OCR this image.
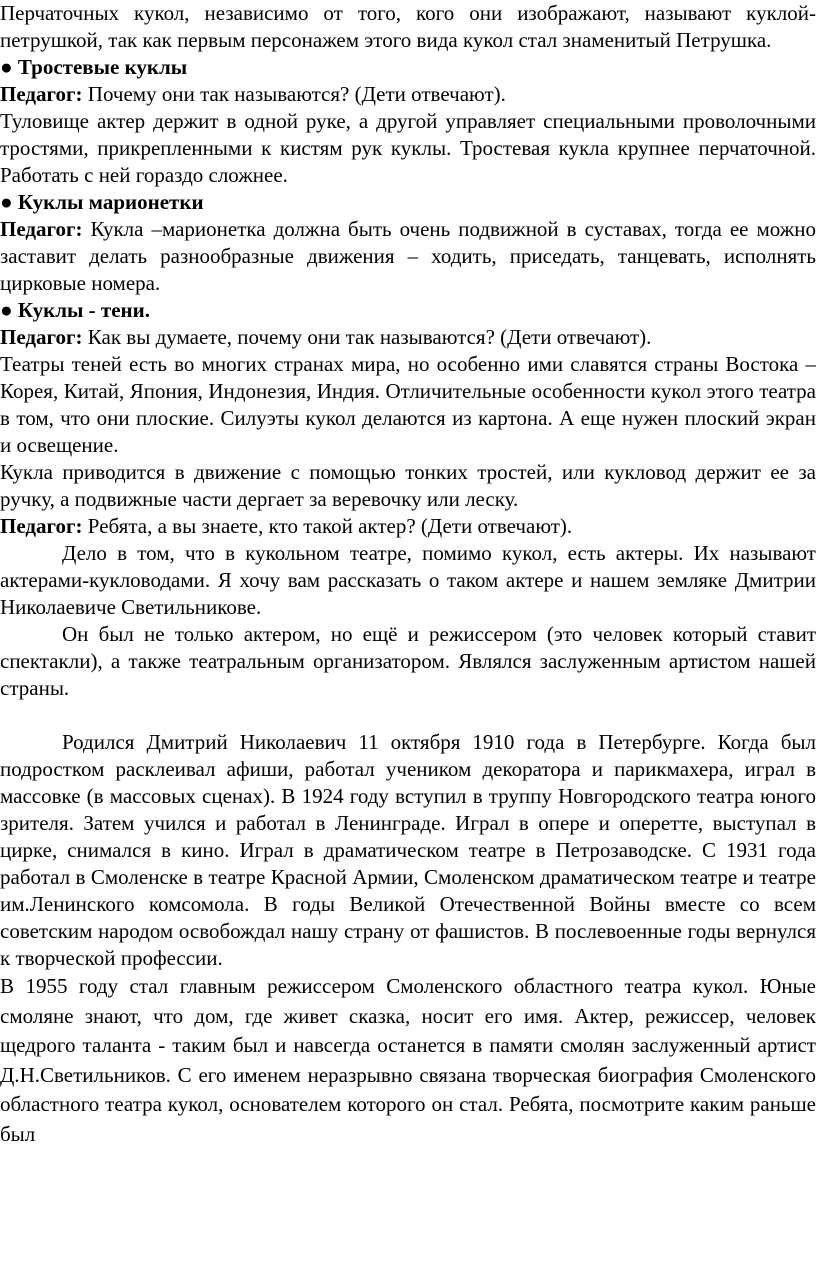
Перчаточных кукол, независимо от того, кого они изображают, называют куклой-петрушкой, так как первым персонажем этого вида кукол стал знаменитый Петрушка.

● Тростевые куклы

Педагог: Почему они так называются? (Дети отвечают).

Туловище актер держит в одной руке, а другой управляет специальными проволочными тростями, прикрепленными к кистям рук куклы. Тростевая кукла крупнее перчаточной. Работать с ней гораздо сложнее.

● Куклы марионетки

Педагог: Кукла –марионетка должна быть очень подвижной в суставах, тогда ее можно заставит делать разнообразные движения – ходить, приседать, танцевать, исполнять цирковые номера.

● Куклы - тени.

Педагог: Как вы думаете, почему они так называются? (Дети отвечают).

Театры теней есть во многих странах мира, но особенно ими славятся страны Востока – Корея, Китай, Япония, Индонезия, Индия. Отличительные особенности кукол этого театра в том, что они плоские. Силуэты кукол делаются из картона. А еще нужен плоский экран и освещение.

Кукла приводится в движение с помощью тонких тростей, или кукловод держит ее за ручку, а подвижные части дергает за веревочку или леску.

Педагог: Ребята, а вы знаете, кто такой актер? (Дети отвечают).

Дело в том, что в кукольном театре, помимо кукол, есть актеры. Их называют актерами-кукловодами. Я хочу вам рассказать о таком актере и нашем земляке Дмитрии Николаевиче Светильникове.

Он был не только актером, но ещё и режиссером (это человек который ставит спектакли), а также театральным организатором. Являлся заслуженным артистом нашей страны.

Родился Дмитрий Николаевич 11 октября 1910 года в Петербурге. Когда был подростком расклеивал афиши, работал учеником декоратора и парикмахера, играл в массовке (в массовых сценах). В 1924 году вступил в труппу Новгородского театра юного зрителя. Затем учился и работал в Ленинграде. Играл в опере и оперетте, выступал в цирке, снимался в кино. Играл в драматическом театре в Петрозаводске. С 1931 года работал в Смоленске в театре Красной Армии, Смоленском драматическом театре и театре им.Ленинского комсомола. В годы Великой Отечественной Войны вместе со всем советским народом освобождал нашу страну от фашистов. В послевоенные годы вернулся к творческой профессии.

В 1955 году стал главным режиссером Смоленского областного театра кукол. Юные смоляне знают, что дом, где живет сказка, носит его имя. Актер, режиссер, человек щедрого таланта - таким был и навсегда останется в памяти смолян заслуженный артист Д.Н.Светильников. С его именем неразрывно связана творческая биография Смоленского областного театра кукол, основателем которого он стал. Ребята, посмотрите каким раньше был
